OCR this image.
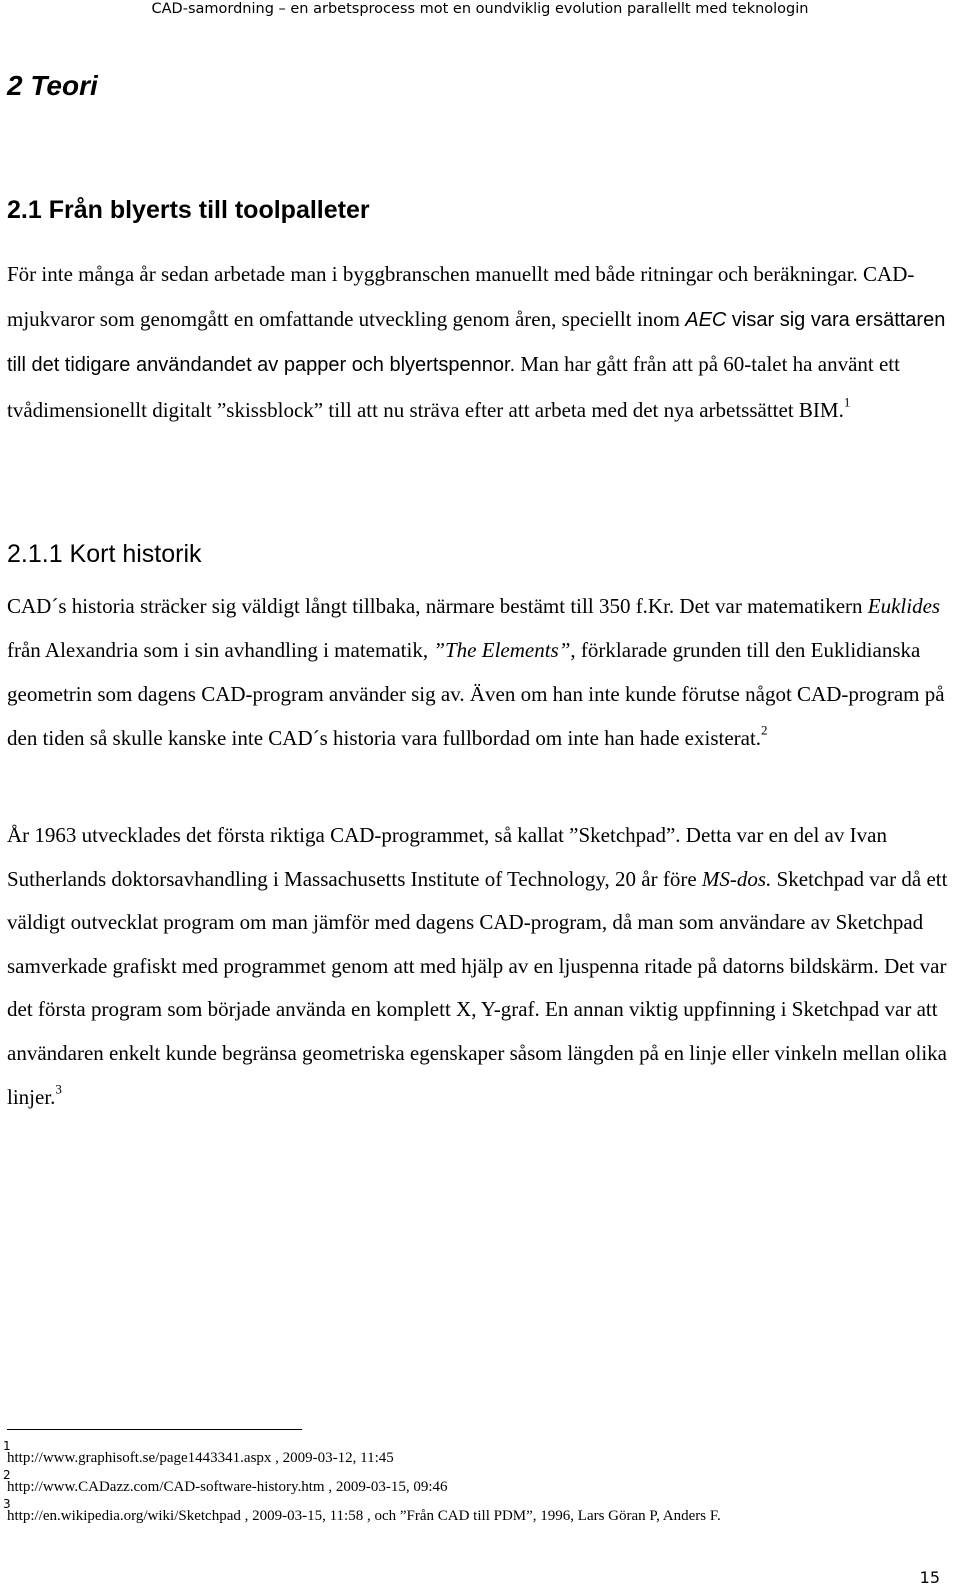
CAD-samordning – en arbetsprocess mot en oundviklig evolution parallellt med teknologin
2 Teori
2.1 Från blyerts till toolpalleter

För inte många år sedan arbetade man i byggbranschen manuellt med både ritningar och beräkningar. CAD-mjukvaror som genomgått en omfattande utveckling genom åren, speciellt inom AEC visar sig vara ersättaren till det tidigare användandet av papper och blyertspennor. Man har gått från att på 60-talet ha använt ett tvådimensionellt digitalt ”skissblock” till att nu sträva efter att arbeta med det nya arbetssättet BIM.$^1$

2.1.1 Kort historik

CAD´s historia sträcker sig väldigt långt tillbaka, närmare bestämt till 350 f.Kr. Det var matematikern Euklides från Alexandria som i sin avhandling i matematik, ”The Elements”, förklarade grunden till den Euklidianska geometrin som dagens CAD-program använder sig av. Även om han inte kunde förutse något CAD-program på den tiden så skulle kanske inte CAD´s historia vara fullbordad om inte han hade existerat.$^2$

År 1963 utvecklades det första riktiga CAD-programmet, så kallat ”Sketchpad”. Detta var en del av Ivan Sutherlands doktorsavhandling i Massachusetts Institute of Technology, 20 år före MS-dos. Sketchpad var då ett väldigt outvecklat program om man jämför med dagens CAD-program, då man som användare av Sketchpad samverkade grafiskt med programmet genom att med hjälp av en ljuspenna ritade på datorns bildskärm. Det var det första program som började använda en komplett X, Y-graf. En annan viktig uppfinning i Sketchpad var att användaren enkelt kunde begränsa geometriska egenskaper såsom längden på en linje eller vinkeln mellan olika linjer.$^3$

1
http://www.graphisoft.se/page1443341.aspx , 2009-03-12, 11:45
2
http://www.CADazz.com/CAD-software-history.htm , 2009-03-15, 09:46
3
http://en.wikipedia.org/wiki/Sketchpad , 2009-03-15, 11:58 , och ”Från CAD till PDM”, 1996, Lars Göran P, Anders F.
15
